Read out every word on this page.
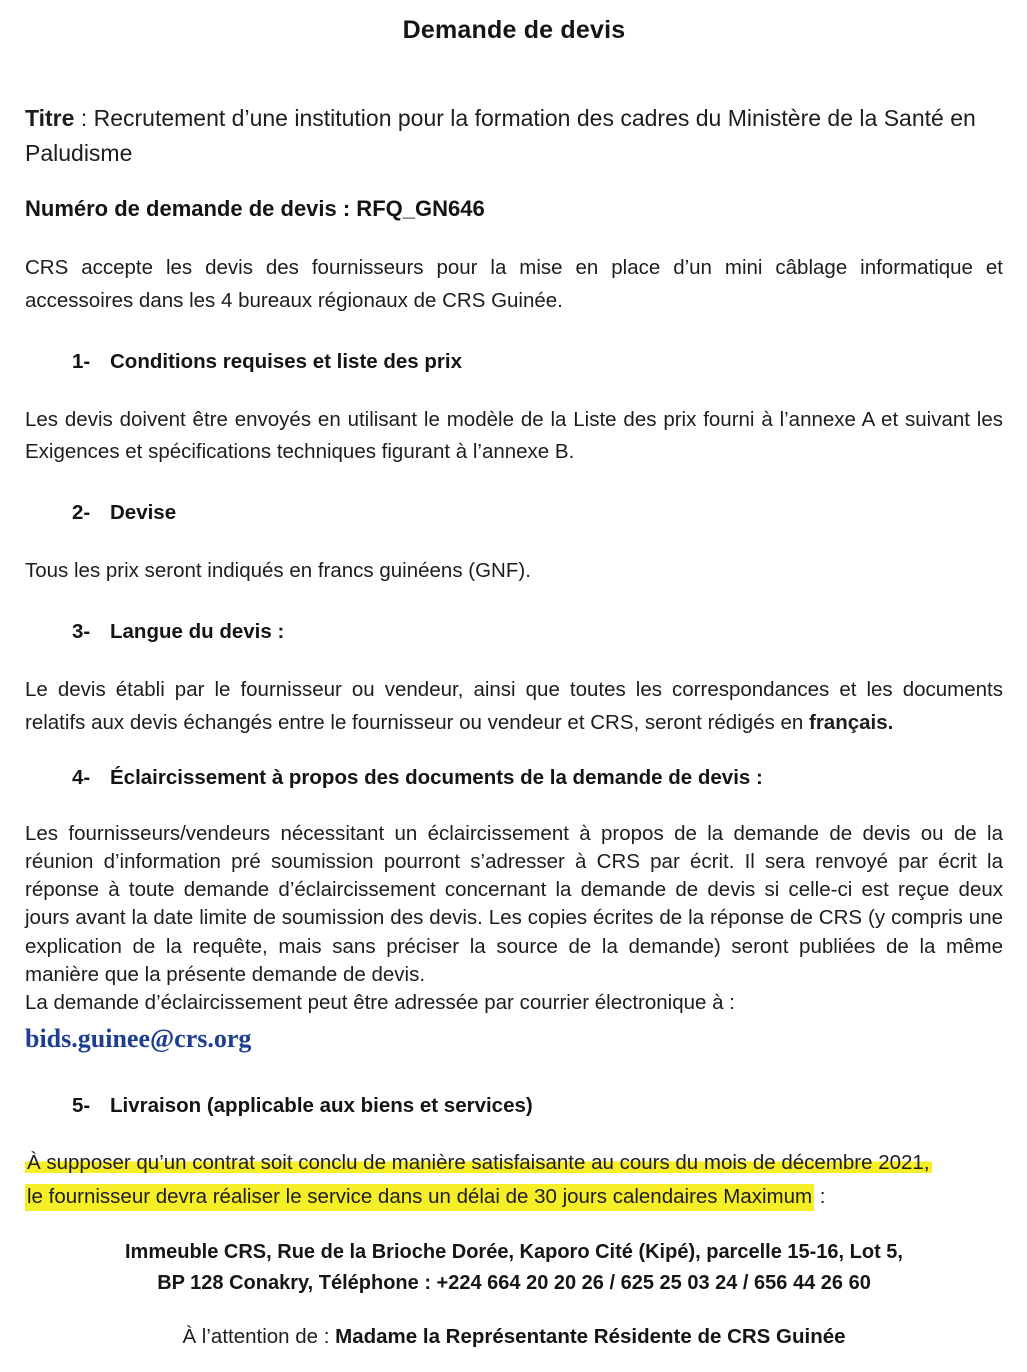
Demande de devis

Titre : Recrutement d’une institution pour la formation des cadres du Ministère de la Santé en Paludisme

Numéro de demande de devis : RFQ_GN646

CRS accepte les devis des fournisseurs pour la mise en place d’un mini câblage informatique et accessoires dans les 4 bureaux régionaux de CRS Guinée.

1- Conditions requises et liste des prix

Les devis doivent être envoyés en utilisant le modèle de la Liste des prix fourni à l’annexe A et suivant les Exigences et spécifications techniques figurant à l’annexe B.

2- Devise

Tous les prix seront indiqués en francs guinéens (GNF).

3- Langue du devis :

Le devis établi par le fournisseur ou vendeur, ainsi que toutes les correspondances et les documents relatifs aux devis échangés entre le fournisseur ou vendeur et CRS, seront rédigés en français.

4- Éclaircissement à propos des documents de la demande de devis :

Les fournisseurs/vendeurs nécessitant un éclaircissement à propos de la demande de devis ou de la réunion d’information pré soumission pourront s’adresser à CRS par écrit. Il sera renvoyé par écrit la réponse à toute demande d’éclaircissement concernant la demande de devis si celle-ci est reçue deux jours avant la date limite de soumission des devis. Les copies écrites de la réponse de CRS (y compris une explication de la requête, mais sans préciser la source de la demande) seront publiées de la même manière que la présente demande de devis.

La demande d’éclaircissement peut être adressée par courrier électronique à :

bids.guinee@crs.org

5- Livraison (applicable aux biens et services)

À supposer qu’un contrat soit conclu de manière satisfaisante au cours du mois de décembre 2021,
le fournisseur devra réaliser le service dans un délai de 30 jours calendaires Maximum :

Immeuble CRS, Rue de la Brioche Dorée, Kaporo Cité (Kipé), parcelle 15-16, Lot 5,
BP 128 Conakry, Téléphone : +224 664 20 20 26 / 625 25 03 24 / 656 44 26 60

À l’attention de : Madame la Représentante Résidente de CRS Guinée
